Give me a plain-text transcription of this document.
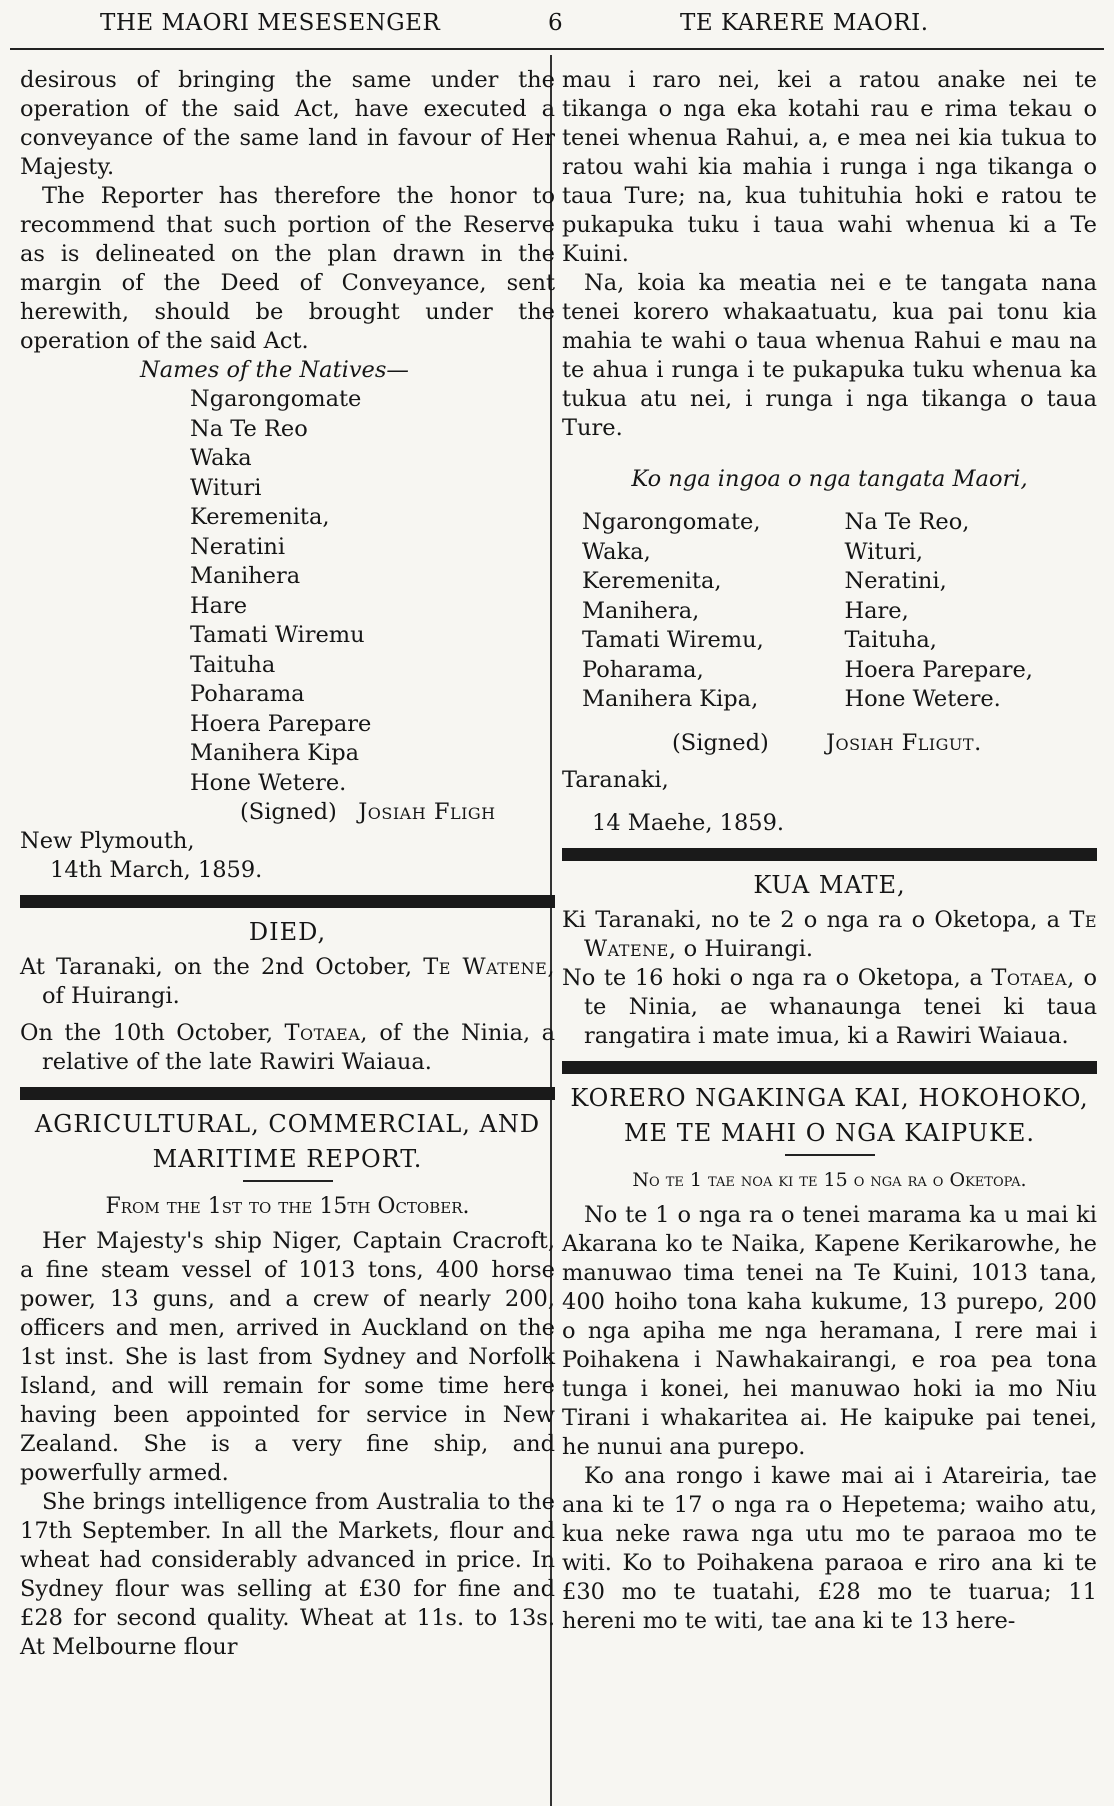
THE MAORI MESESENGER	6	TE KARERE MAORI.

desirous of bringing the same under the operation of the said Act, have executed a conveyance of the same land in favour of Her Majesty.

The Reporter has therefore the honor to recommend that such portion of the Reserve as is delineated on the plan drawn in the margin of the Deed of Conveyance, sent herewith, should be brought under the operation of the said Act.

Names of the Natives—

Ngarongomate
Na Te Reo
Waka
Wituri
Keremenita,
Neratini
Manihera
Hare
Tamati Wiremu
Taituha
Poharama
Hoera Parepare
Manihera Kipa
Hone Wetere.

(Signed) Josiah Fligh

New Plymouth,

14th March, 1859.

DIED,

At Taranaki, on the 2nd October, Te Watene, of Huirangi.

On the 10th October, Totaea, of the Ninia, a relative of the late Rawiri Waiaua.

AGRICULTURAL, COMMERCIAL, AND

MARITIME REPORT.

From the 1st to the 15th October.

Her Majesty's ship Niger, Captain Cracroft, a fine steam vessel of 1013 tons, 400 horse power, 13 guns, and a crew of nearly 200, officers and men, arrived in Auckland on the 1st inst. She is last from Sydney and Norfolk Island, and will remain for some time here having been appointed for service in New Zealand. She is a very fine ship, and powerfully armed.

She brings intelligence from Australia to the 17th September. In all the Markets, flour and wheat had considerably advanced in price. In Sydney flour was selling at £30 for fine and £28 for second quality. Wheat at 11s. to 13s. At Melbourne flour

mau i raro nei, kei a ratou anake nei te tikanga o nga eka kotahi rau e rima tekau o tenei whenua Rahui, a, e mea nei kia tukua to ratou wahi kia mahia i runga i nga tikanga o taua Ture; na, kua tuhituhia hoki e ratou te pukapuka tuku i taua wahi whenua ki a Te Kuini.

Na, koia ka meatia nei e te tangata nana tenei korero whakaatuatu, kua pai tonu kia mahia te wahi o taua whenua Rahui e mau na te ahua i runga i te pukapuka tuku whenua ka tukua atu nei, i runga i nga tikanga o taua Ture.

Ko nga ingoa o nga tangata Maori,

Ngarongomate,	Na Te Reo,
Waka,	Wituri,
Keremenita,	Neratini,
Manihera,	Hare,
Tamati Wiremu,	Taituha,
Poharama,	Hoera Parepare,
Manihera Kipa,	Hone Wetere.

(Signed)	Josiah Fligut.

Taranaki,

14 Maehe, 1859.

KUA MATE,

Ki Taranaki, no te 2 o nga ra o Oketopa, a Te Watene, o Huirangi.

No te 16 hoki o nga ra o Oketopa, a Totaea, o te Ninia, ae whanaunga tenei ki taua rangatira i mate imua, ki a Rawiri Waiaua.

KORERO NGAKINGA KAI, HOKOHOKO,

ME TE MAHI O NGA KAIPUKE.

No te 1 tae noa ki te 15 o nga ra o Oketopa.

No te 1 o nga ra o tenei marama ka u mai ki Akarana ko te Naika, Kapene Kerikarowhe, he manuwao tima tenei na Te Kuini, 1013 tana, 400 hoiho tona kaha kukume, 13 purepo, 200 o nga apiha me nga heramana, I rere mai i Poihakena i Nawhakairangi, e roa pea tona tunga i konei, hei manuwao hoki ia mo Niu Tirani i whakaritea ai. He kaipuke pai tenei, he nunui ana purepo.

Ko ana rongo i kawe mai ai i Atareiria, tae ana ki te 17 o nga ra o Hepetema; waiho atu, kua neke rawa nga utu mo te paraoa mo te witi. Ko to Poihakena paraoa e riro ana ki te £30 mo te tuatahi, £28 mo te tuarua; 11 hereni mo te witi, tae ana ki te 13 here-
